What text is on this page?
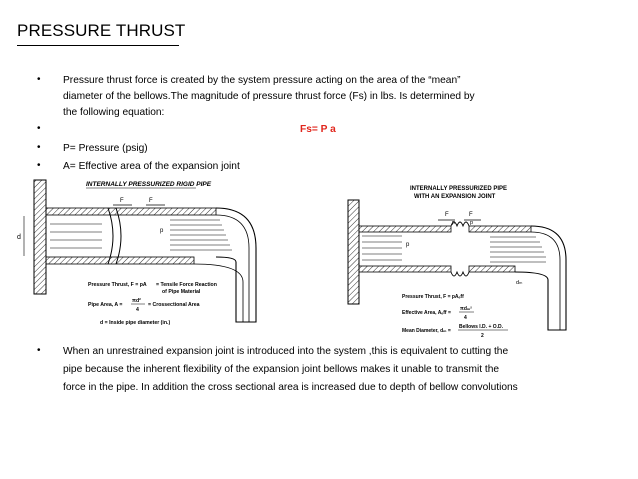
PRESSURE THRUST
• Pressure thrust force is created by the system pressure acting on the area of the “mean”
diameter of the bellows.The magnitude of pressure thrust force (Fs) in lbs. Is determined by
the following equation:
•	Fs= P a
• P= Pressure (psig)
• A= Effective area of the expansion joint
• When an unrestrained expansion joint is introduced into the system ,this is equivalent to cutting the
pipe because the inherent flexibility of the expansion joint bellows makes it unable to transmit the
force in the pipe. In addition the cross sectional area is increased due to depth of bellow convolutions
INTERNALLY PRESSURIZED RIGID PIPE
d
F	F
p
Pressure Thrust, F = pA = Tensile Force Reaction
of Pipe Material
Pipe Area, A =
πd²
4
= Crossectional Area
d = Inside pipe diameter (in.)
INTERNALLY PRESSURIZED PIPE
WITH AN EXPANSION JOINT
F	F
p	p
p
dₘ
Pressure Thrust, F = pAₑff
Effective Area, Aₑff =
πdₘ²
4
Mean Diameter, dₘ =
Bellows I.D. + O.D.
2
